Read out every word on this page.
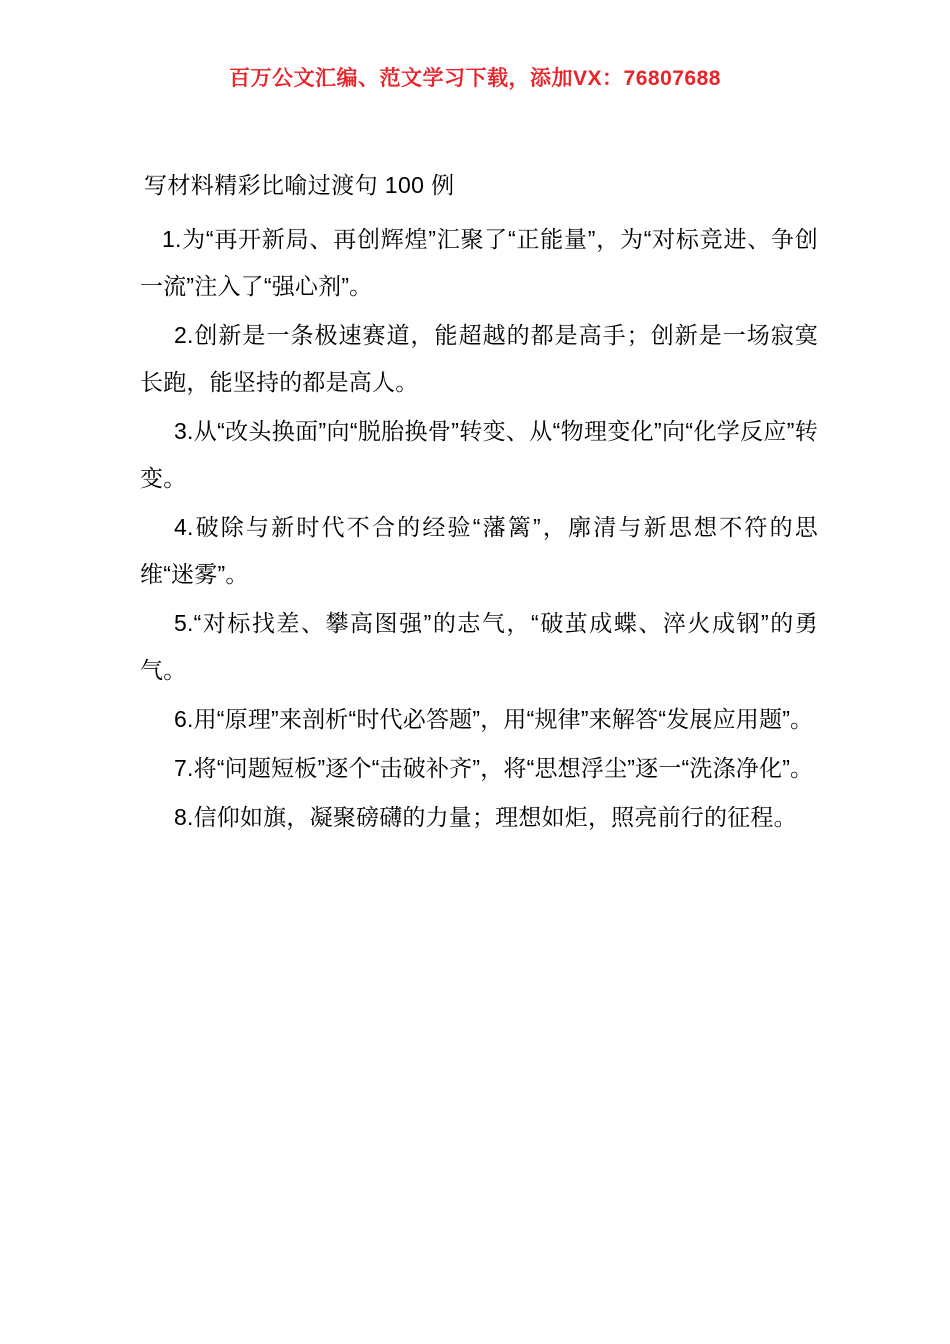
百万公文汇编、范文学习下载，添加VX：76807688
写材料精彩比喻过渡句 100 例

1.为“再开新局、再创辉煌”汇聚了“正能量”，为“对标竞进、争创一流”注入了“强心剂”。

2.创新是一条极速赛道，能超越的都是高手；创新是一场寂寞长跑，能坚持的都是高人。

3.从“改头换面”向“脱胎换骨”转变、从“物理变化”向“化学反应”转变。

4.破除与新时代不合的经验“藩篱”，廓清与新思想不符的思维“迷雾”。

5.“对标找差、攀高图强”的志气，“破茧成蝶、淬火成钢”的勇气。

6.用“原理”来剖析“时代必答题”，用“规律”来解答“发展应用题”。

7.将“问题短板”逐个“击破补齐”，将“思想浮尘”逐一“洗涤净化”。

8.信仰如旗，凝聚磅礴的力量；理想如炬，照亮前行的征程。
